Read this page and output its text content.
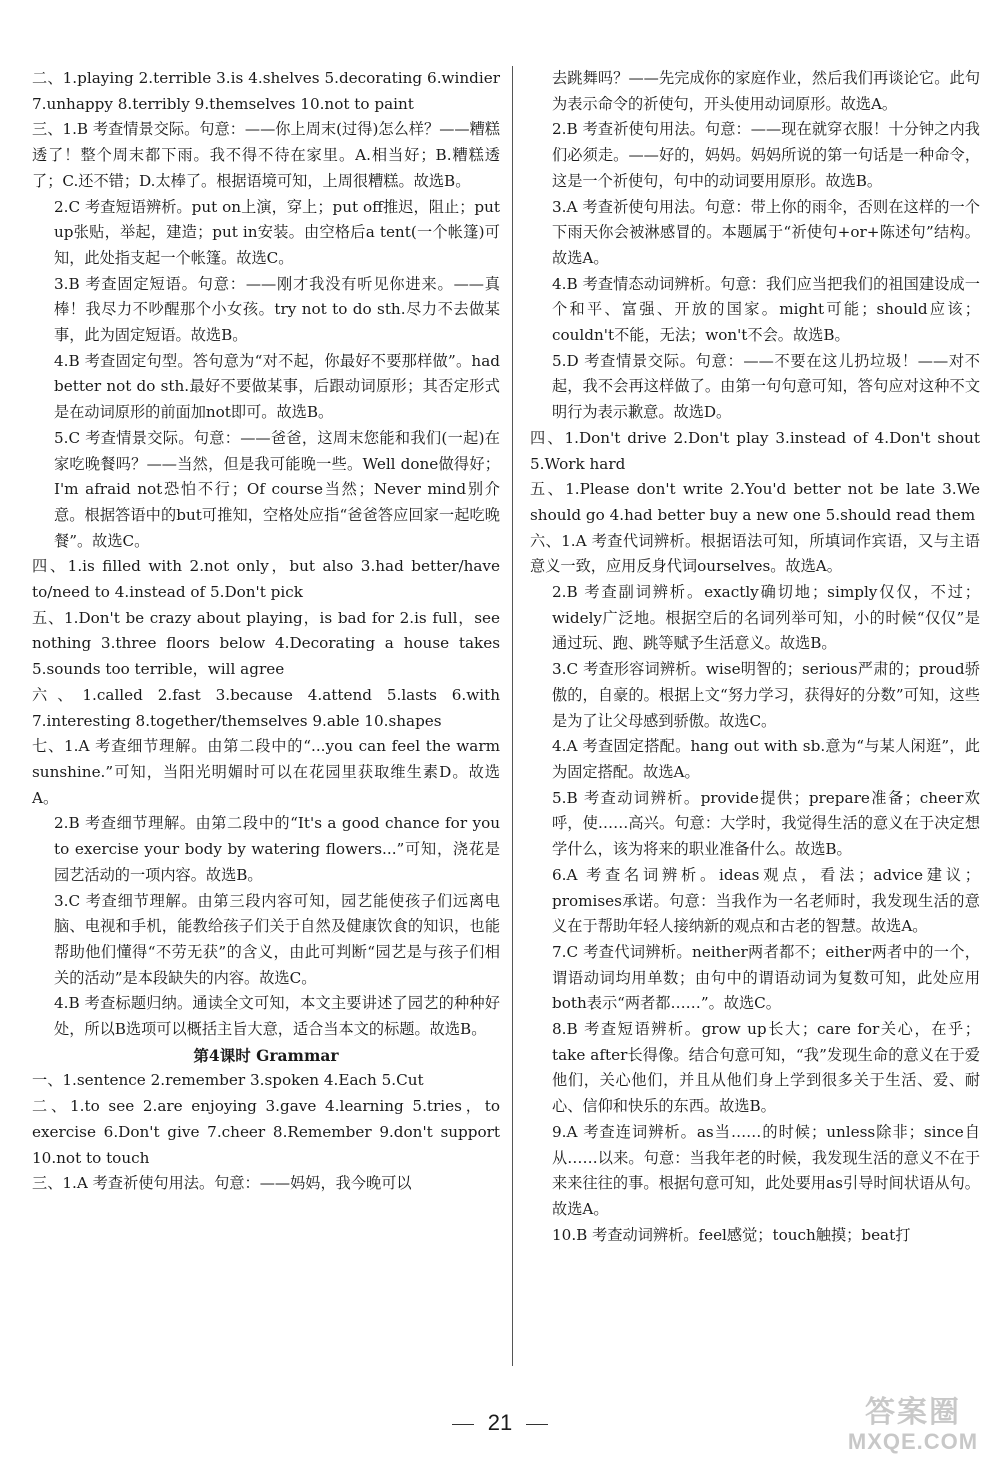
二、1.playing 2.terrible 3.is 4.shelves 5.decorating 6.windier 7.unhappy 8.terribly 9.themselves 10.not to paint
三、1.B 考查情景交际。句意：——你上周末(过得)怎么样？——糟糕透了！整个周末都下雨。我不得不待在家里。A.相当好；B.糟糕透了；C.还不错；D.太棒了。根据语境可知，上周很糟糕。故选B。
2.C 考查短语辨析。put on上演，穿上；put off推迟，阻止；put up张贴，举起，建造；put in安装。由空格后a tent(一个帐篷)可知，此处指支起一个帐篷。故选C。
3.B 考查固定短语。句意：——刚才我没有听见你进来。——真棒！我尽力不吵醒那个小女孩。try not to do sth.尽力不去做某事，此为固定短语。故选B。
4.B 考查固定句型。答句意为“对不起，你最好不要那样做”。had better not do sth.最好不要做某事，后跟动词原形；其否定形式是在动词原形的前面加not即可。故选B。
5.C 考查情景交际。句意：——爸爸，这周末您能和我们(一起)在家吃晚餐吗？——当然，但是我可能晚一些。Well done做得好；I'm afraid not恐怕不行；Of course当然；Never mind别介意。根据答语中的but可推知，空格处应指“爸爸答应回家一起吃晚餐”。故选C。
四、1.is filled with 2.not only，but also 3.had better/have to/need to 4.instead of 5.Don't pick
五、1.Don't be crazy about playing，is bad for 2.is full，see nothing 3.three floors below 4.Decorating a house takes 5.sounds too terrible，will agree
六、1.called 2.fast 3.because 4.attend 5.lasts 6.with 7.interesting 8.together/themselves 9.able 10.shapes
七、1.A 考查细节理解。由第二段中的“...you can feel the warm sunshine.”可知，当阳光明媚时可以在花园里获取维生素D。故选A。
2.B 考查细节理解。由第二段中的“It's a good chance for you to exercise your body by watering flowers...”可知，浇花是园艺活动的一项内容。故选B。
3.C 考查细节理解。由第三段内容可知，园艺能使孩子们远离电脑、电视和手机，能教给孩子们关于自然及健康饮食的知识，也能帮助他们懂得“不劳无获”的含义，由此可判断“园艺是与孩子们相关的活动”是本段缺失的内容。故选C。
4.B 考查标题归纳。通读全文可知，本文主要讲述了园艺的种种好处，所以B选项可以概括主旨大意，适合当本文的标题。故选B。
第4课时 Grammar
一、1.sentence 2.remember 3.spoken 4.Each 5.Cut
二、1.to see 2.are enjoying 3.gave 4.learning 5.tries，to exercise 6.Don't give 7.cheer 8.Remember 9.don't support 10.not to touch
三、1.A 考查祈使句用法。句意：——妈妈，我今晚可以
去跳舞吗？——先完成你的家庭作业，然后我们再谈论它。此句为表示命令的祈使句，开头使用动词原形。故选A。
2.B 考查祈使句用法。句意：——现在就穿衣服！十分钟之内我们必须走。——好的，妈妈。妈妈所说的第一句话是一种命令，这是一个祈使句，句中的动词要用原形。故选B。
3.A 考查祈使句用法。句意：带上你的雨伞，否则在这样的一个下雨天你会被淋感冒的。本题属于“祈使句+or+陈述句”结构。故选A。
4.B 考查情态动词辨析。句意：我们应当把我们的祖国建设成一个和平、富强、开放的国家。might可能；should应该；couldn't不能，无法；won't不会。故选B。
5.D 考查情景交际。句意：——不要在这儿扔垃圾！——对不起，我不会再这样做了。由第一句句意可知，答句应对这种不文明行为表示歉意。故选D。
四、1.Don't drive 2.Don't play 3.instead of 4.Don't shout 5.Work hard
五、1.Please don't write 2.You'd better not be late 3.We should go 4.had better buy a new one 5.should read them
六、1.A 考查代词辨析。根据语法可知，所填词作宾语，又与主语意义一致，应用反身代词ourselves。故选A。
2.B 考查副词辨析。exactly确切地；simply仅仅，不过；widely广泛地。根据空后的名词列举可知，小的时候“仅仅”是通过玩、跑、跳等赋予生活意义。故选B。
3.C 考查形容词辨析。wise明智的；serious严肃的；proud骄傲的，自豪的。根据上文“努力学习，获得好的分数”可知，这些是为了让父母感到骄傲。故选C。
4.A 考查固定搭配。hang out with sb.意为“与某人闲逛”，此为固定搭配。故选A。
5.B 考查动词辨析。provide提供；prepare准备；cheer欢呼，使……高兴。句意：大学时，我觉得生活的意义在于决定想学什么，该为将来的职业准备什么。故选B。
6.A 考查名词辨析。ideas观点，看法；advice建议；promises承诺。句意：当我作为一名老师时，我发现生活的意义在于帮助年轻人接纳新的观点和古老的智慧。故选A。
7.C 考查代词辨析。neither两者都不；either两者中的一个，谓语动词均用单数；由句中的谓语动词为复数可知，此处应用both表示“两者都……”。故选C。
8.B 考查短语辨析。grow up长大；care for关心，在乎；take after长得像。结合句意可知，“我”发现生命的意义在于爱他们，关心他们，并且从他们身上学到很多关于生活、爱、耐心、信仰和快乐的东西。故选B。
9.A 考查连词辨析。as当……的时候；unless除非；since自从……以来。句意：当我年老的时候，我发现生活的意义不在于来来往往的事。根据句意可知，此处要用as引导时间状语从句。故选A。
10.B 考查动词辨析。feel感觉；touch触摸；beat打
21	答案圈
MXQE.COM
